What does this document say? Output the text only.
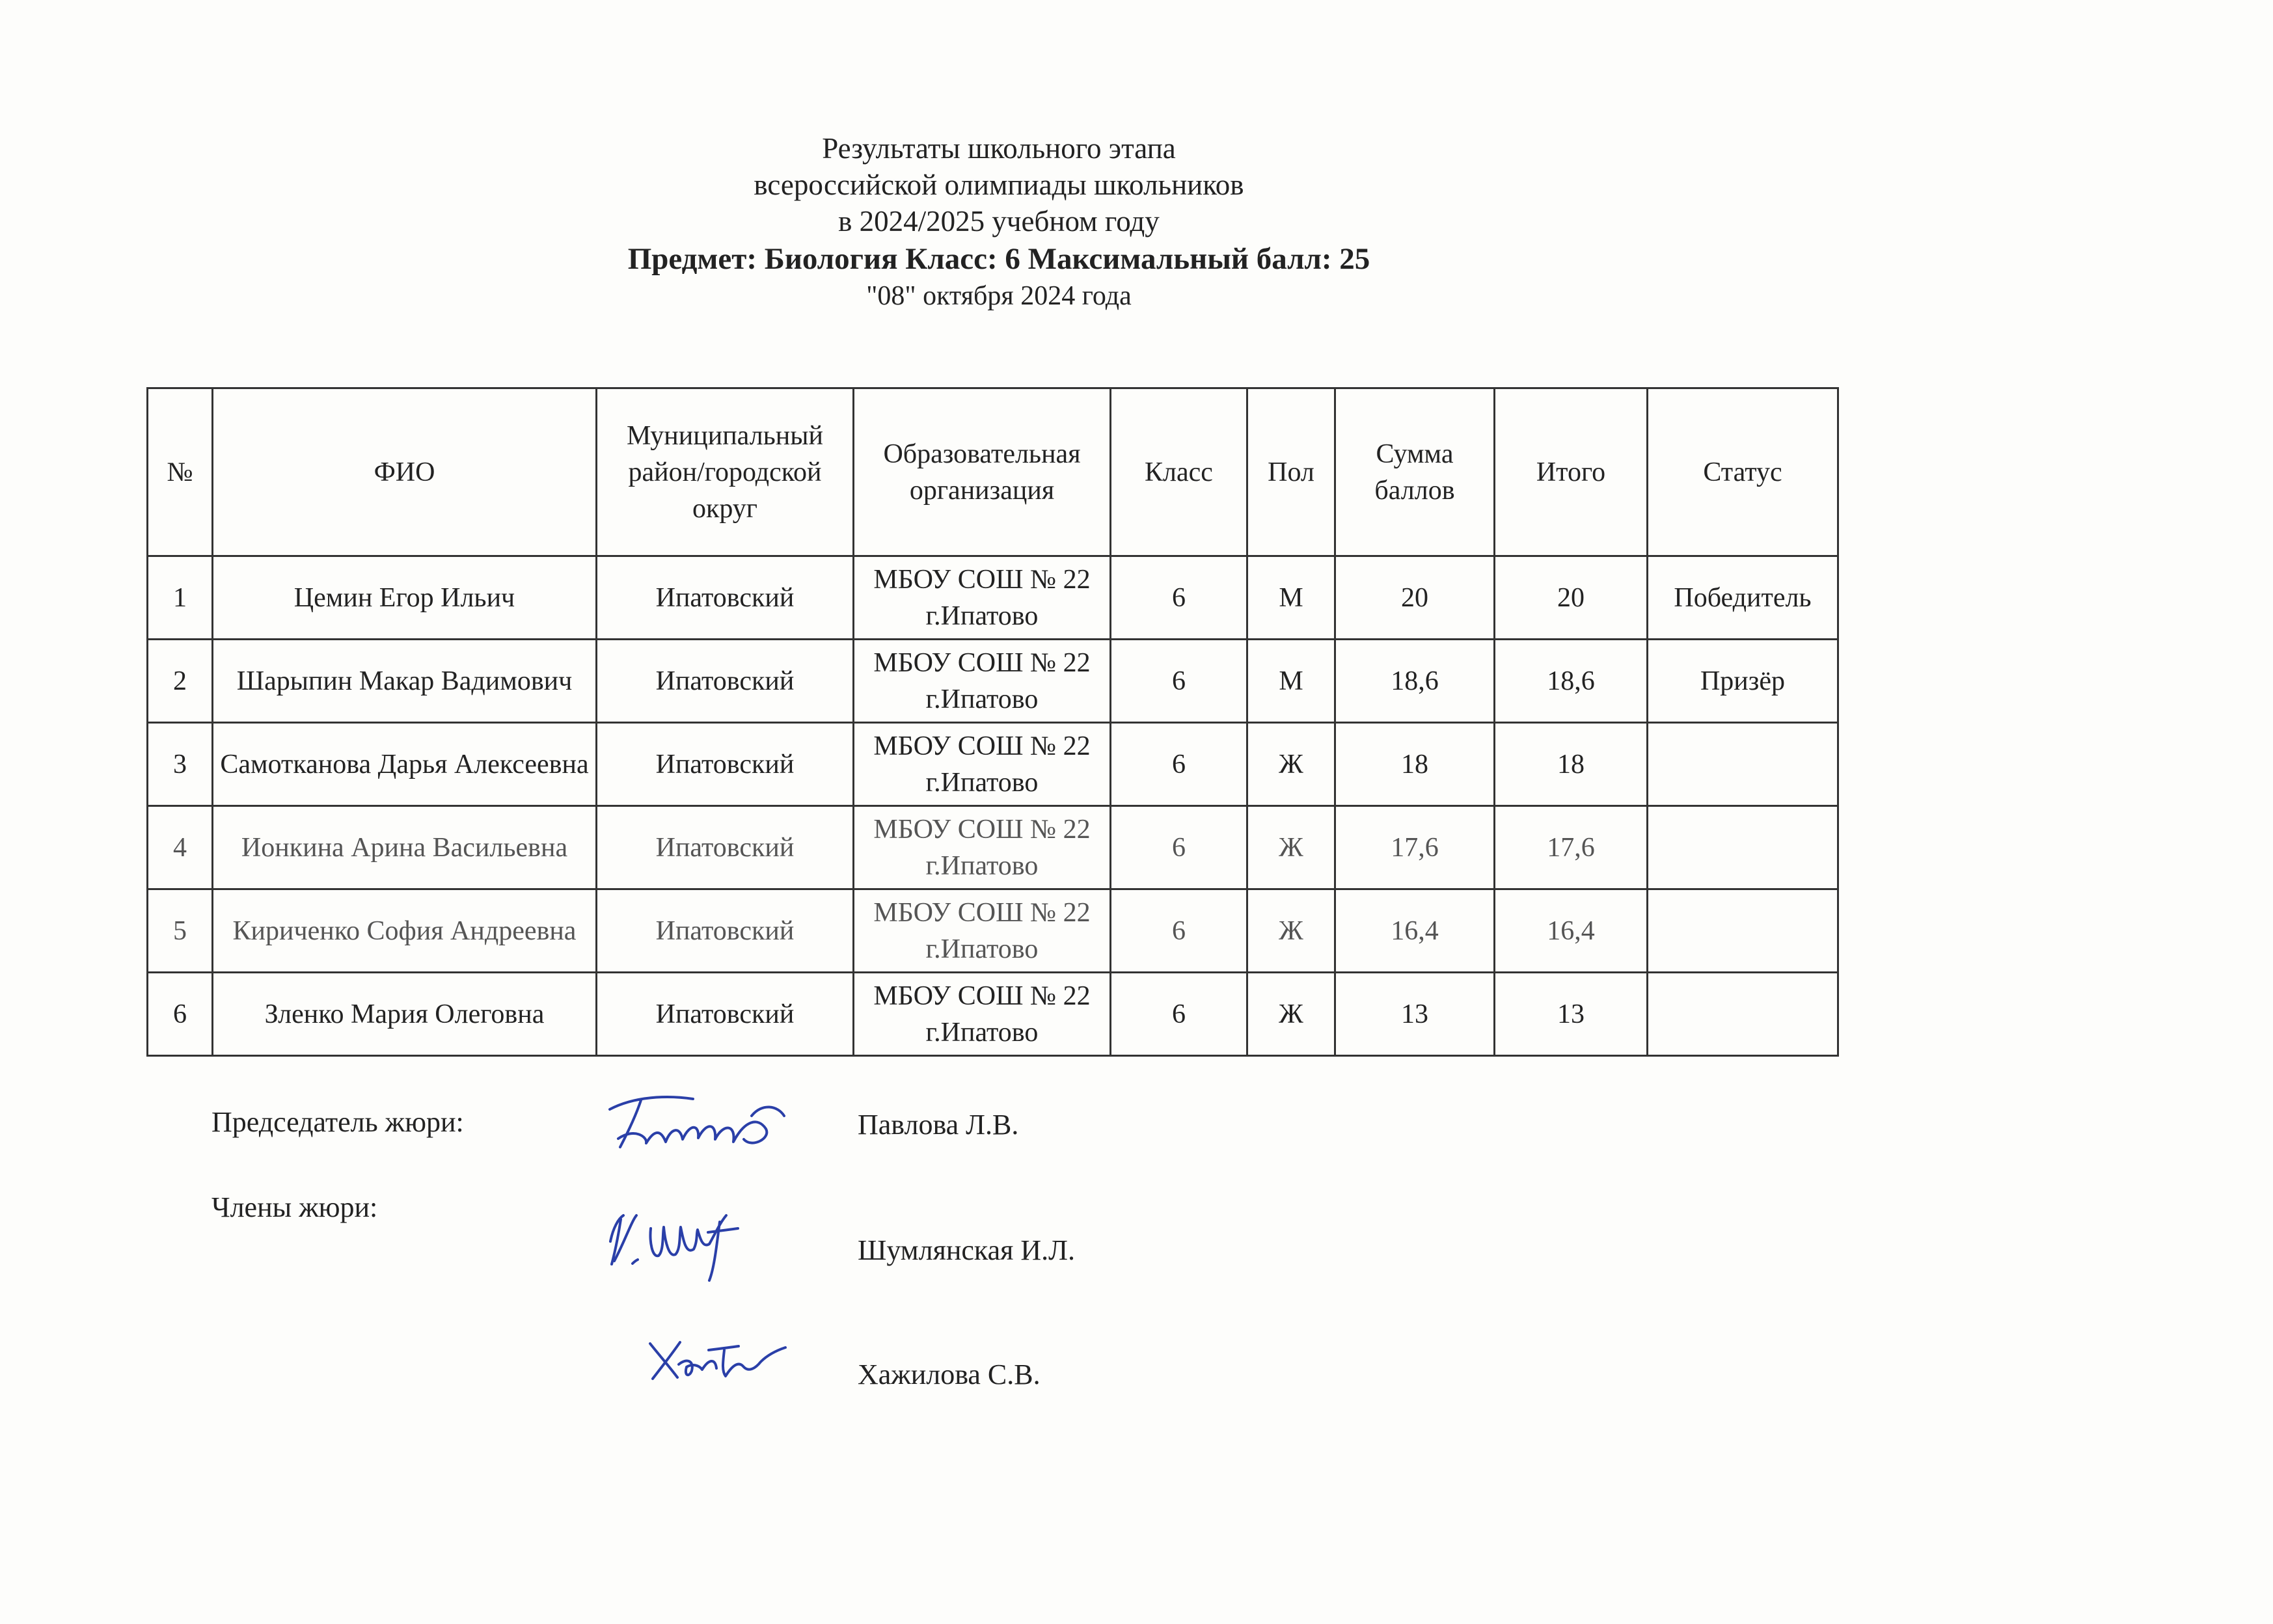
Результаты школьного этапа
всероссийской олимпиады школьников
в 2024/2025 учебном году
Предмет: Биология Класс: 6 Максимальный балл: 25
"08" октября 2024 года
№	ФИО	Муниципальный район/городской округ	Образовательная организация	Класс	Пол	Сумма баллов	Итого	Статус
1	Цемин Егор Ильич	Ипатовский	МБОУ СОШ № 22 г.Ипатово	6	М	20	20	Победитель
2	Шарыпин Макар Вадимович	Ипатовский	МБОУ СОШ № 22 г.Ипатово	6	М	18,6	18,6	Призёр
3	Самотканова Дарья Алексеевна	Ипатовский	МБОУ СОШ № 22 г.Ипатово	6	Ж	18	18	
4	Ионкина Арина Васильевна	Ипатовский	МБОУ СОШ № 22 г.Ипатово	6	Ж	17,6	17,6	
5	Кириченко София Андреевна	Ипатовский	МБОУ СОШ № 22 г.Ипатово	6	Ж	16,4	16,4	
6	Зленко Мария Олеговна	Ипатовский	МБОУ СОШ № 22 г.Ипатово	6	Ж	13	13	
Председатель жюри:
Члены жюри:
Павлова Л.В.
Шумлянская И.Л.
Хажилова С.В.
